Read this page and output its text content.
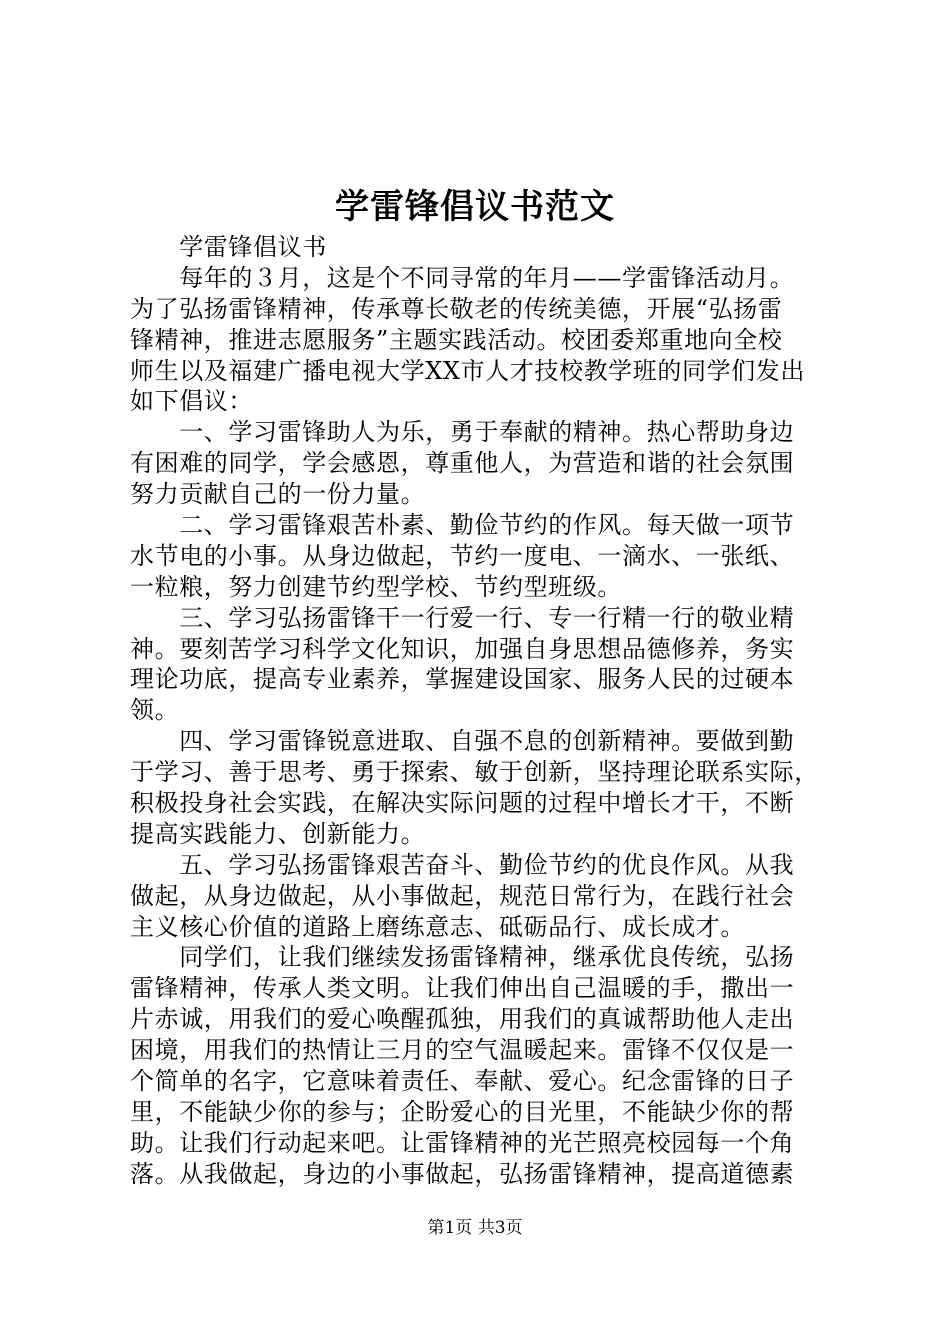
学雷锋倡议书范文
　　学雷锋倡议书
　　每年的３月，这是个不同寻常的年月——学雷锋活动月。
为了弘扬雷锋精神，传承尊长敬老的传统美德，开展“弘扬雷
锋精神，推进志愿服务”主题实践活动。校团委郑重地向全校
师生以及福建广播电视大学XX市人才技校教学班的同学们发出
如下倡议：
　　一、学习雷锋助人为乐，勇于奉献的精神。热心帮助身边
有困难的同学，学会感恩，尊重他人，为营造和谐的社会氛围
努力贡献自己的一份力量。
　　二、学习雷锋艰苦朴素、勤俭节约的作风。每天做一项节
水节电的小事。从身边做起，节约一度电、一滴水、一张纸、
一粒粮，努力创建节约型学校、节约型班级。
　　三、学习弘扬雷锋干一行爱一行、专一行精一行的敬业精
神。要刻苦学习科学文化知识，加强自身思想品德修养，务实
理论功底，提高专业素养，掌握建设国家、服务人民的过硬本
领。
　　四、学习雷锋锐意进取、自强不息的创新精神。要做到勤
于学习、善于思考、勇于探索、敏于创新，坚持理论联系实际，
积极投身社会实践，在解决实际问题的过程中增长才干，不断
提高实践能力、创新能力。
　　五、学习弘扬雷锋艰苦奋斗、勤俭节约的优良作风。从我
做起，从身边做起，从小事做起，规范日常行为，在践行社会
主义核心价值的道路上磨练意志、砥砺品行、成长成才。
　　同学们，让我们继续发扬雷锋精神，继承优良传统，弘扬
雷锋精神，传承人类文明。让我们伸出自己温暖的手，撒出一
片赤诚，用我们的爱心唤醒孤独，用我们的真诚帮助他人走出
困境，用我们的热情让三月的空气温暖起来。雷锋不仅仅是一
个简单的名字，它意味着责任、奉献、爱心。纪念雷锋的日子
里，不能缺少你的参与；企盼爱心的目光里，不能缺少你的帮
助。让我们行动起来吧。让雷锋精神的光芒照亮校园每一个角
落。从我做起，身边的小事做起，弘扬雷锋精神，提高道德素
第1页 共3页
